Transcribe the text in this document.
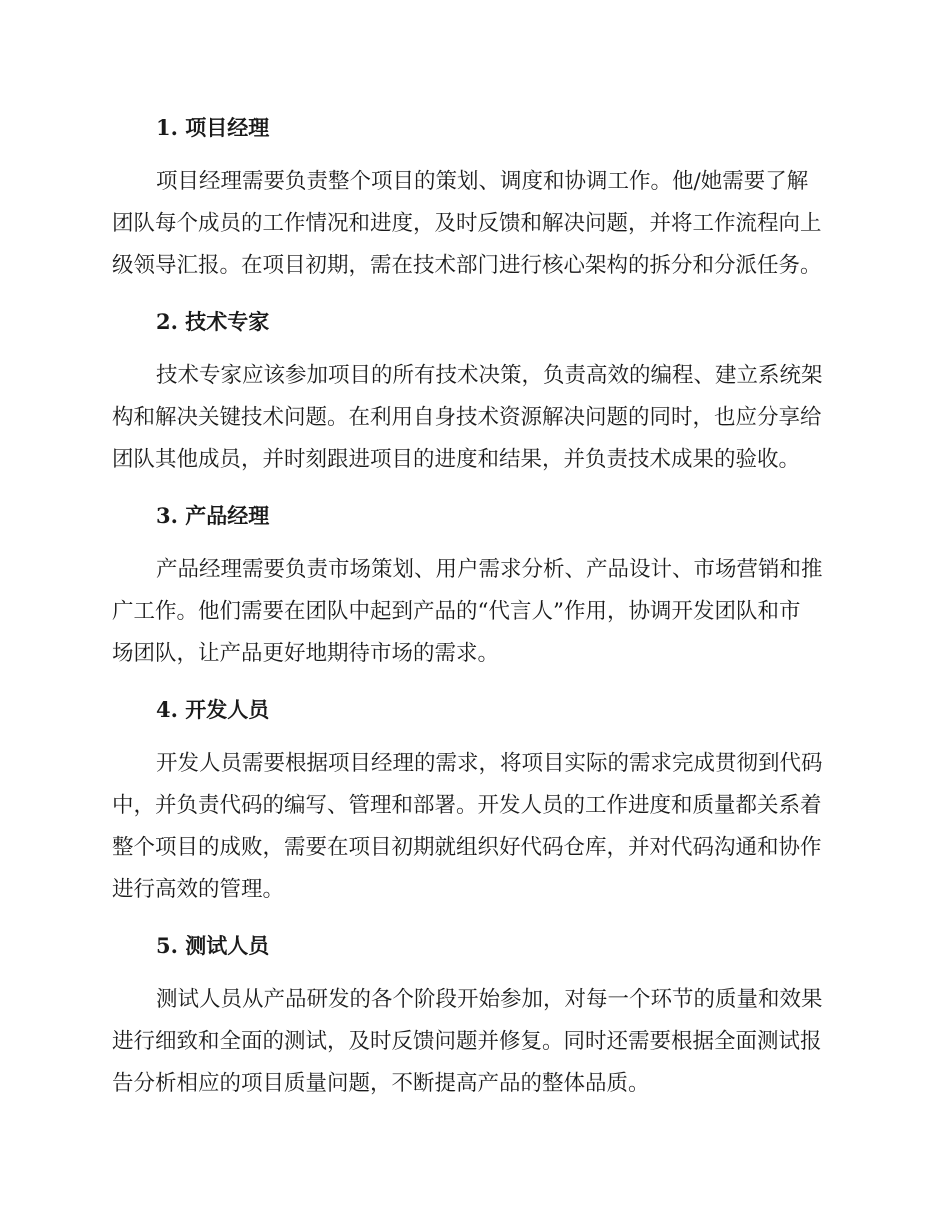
1. 项目经理

项目经理需要负责整个项目的策划、调度和协调工作。他/她需要了解
团队每个成员的工作情况和进度，及时反馈和解决问题，并将工作流程向上
级领导汇报。在项目初期，需在技术部门进行核心架构的拆分和分派任务。

2. 技术专家

技术专家应该参加项目的所有技术决策，负责高效的编程、建立系统架
构和解决关键技术问题。在利用自身技术资源解决问题的同时，也应分享给
团队其他成员，并时刻跟进项目的进度和结果，并负责技术成果的验收。

3. 产品经理

产品经理需要负责市场策划、用户需求分析、产品设计、市场营销和推
广工作。他们需要在团队中起到产品的“代言人”作用，协调开发团队和市
场团队，让产品更好地期待市场的需求。

4. 开发人员

开发人员需要根据项目经理的需求，将项目实际的需求完成贯彻到代码
中，并负责代码的编写、管理和部署。开发人员的工作进度和质量都关系着
整个项目的成败，需要在项目初期就组织好代码仓库，并对代码沟通和协作
进行高效的管理。

5. 测试人员

测试人员从产品研发的各个阶段开始参加，对每一个环节的质量和效果
进行细致和全面的测试，及时反馈问题并修复。同时还需要根据全面测试报
告分析相应的项目质量问题，不断提高产品的整体品质。
